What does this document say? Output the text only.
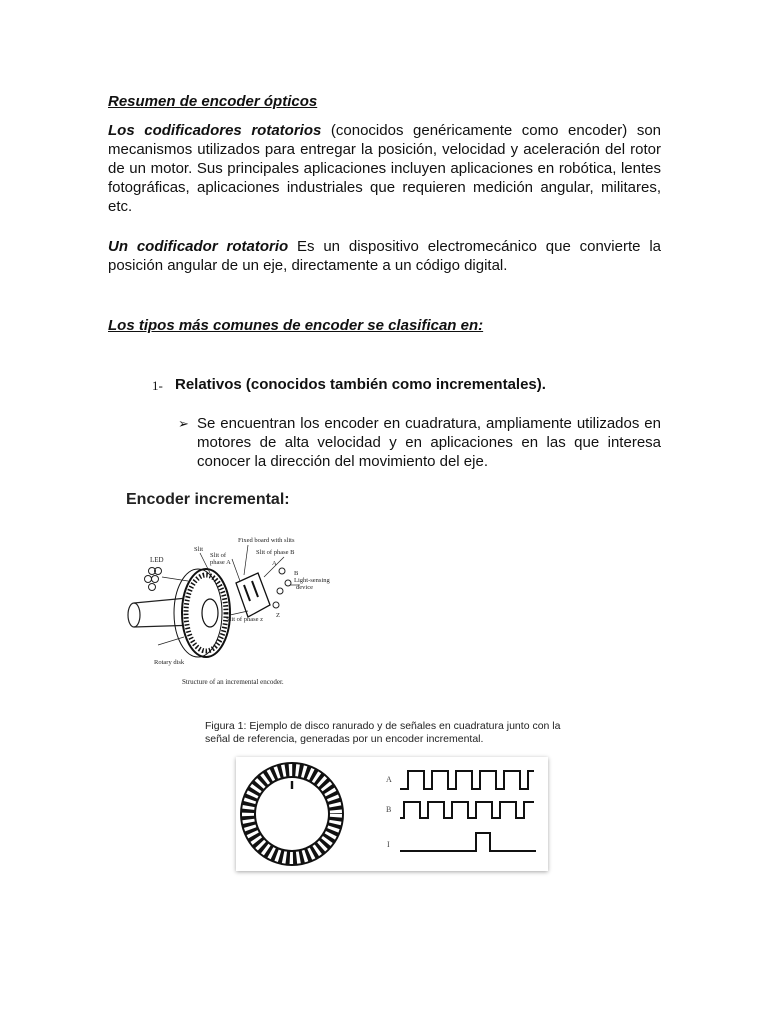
Resumen de encoder ópticos
Los codificadores rotatorios (conocidos genéricamente como encoder) son mecanismos utilizados para entregar la posición, velocidad y aceleración del rotor de un motor. Sus principales aplicaciones incluyen aplicaciones en robótica, lentes fotográficas, aplicaciones industriales que requieren medición angular, militares, etc.
Un codificador rotatorio Es un dispositivo electromecánico que convierte la posición angular de un eje, directamente a un código digital.
Los tipos más comunes de encoder se clasifican en:
1- Relativos (conocidos también como incrementales).
➢ Se encuentran los encoder en cuadratura, ampliamente utilizados en motores de alta velocidad y en aplicaciones en las que interesa conocer la dirección del movimiento del eje.
Encoder incremental:
Fixed board with slits
Slit	Slit of phase B
Slit of
phase A
LED	A
B
Z
Light-sensing
device
Slit of phase z
Rotary disk
Structure of an incremental encoder.
Figura 1: Ejemplo de disco ranurado y de señales en cuadratura junto con la
señal de referencia, generadas por un encoder incremental.
A
B
I
